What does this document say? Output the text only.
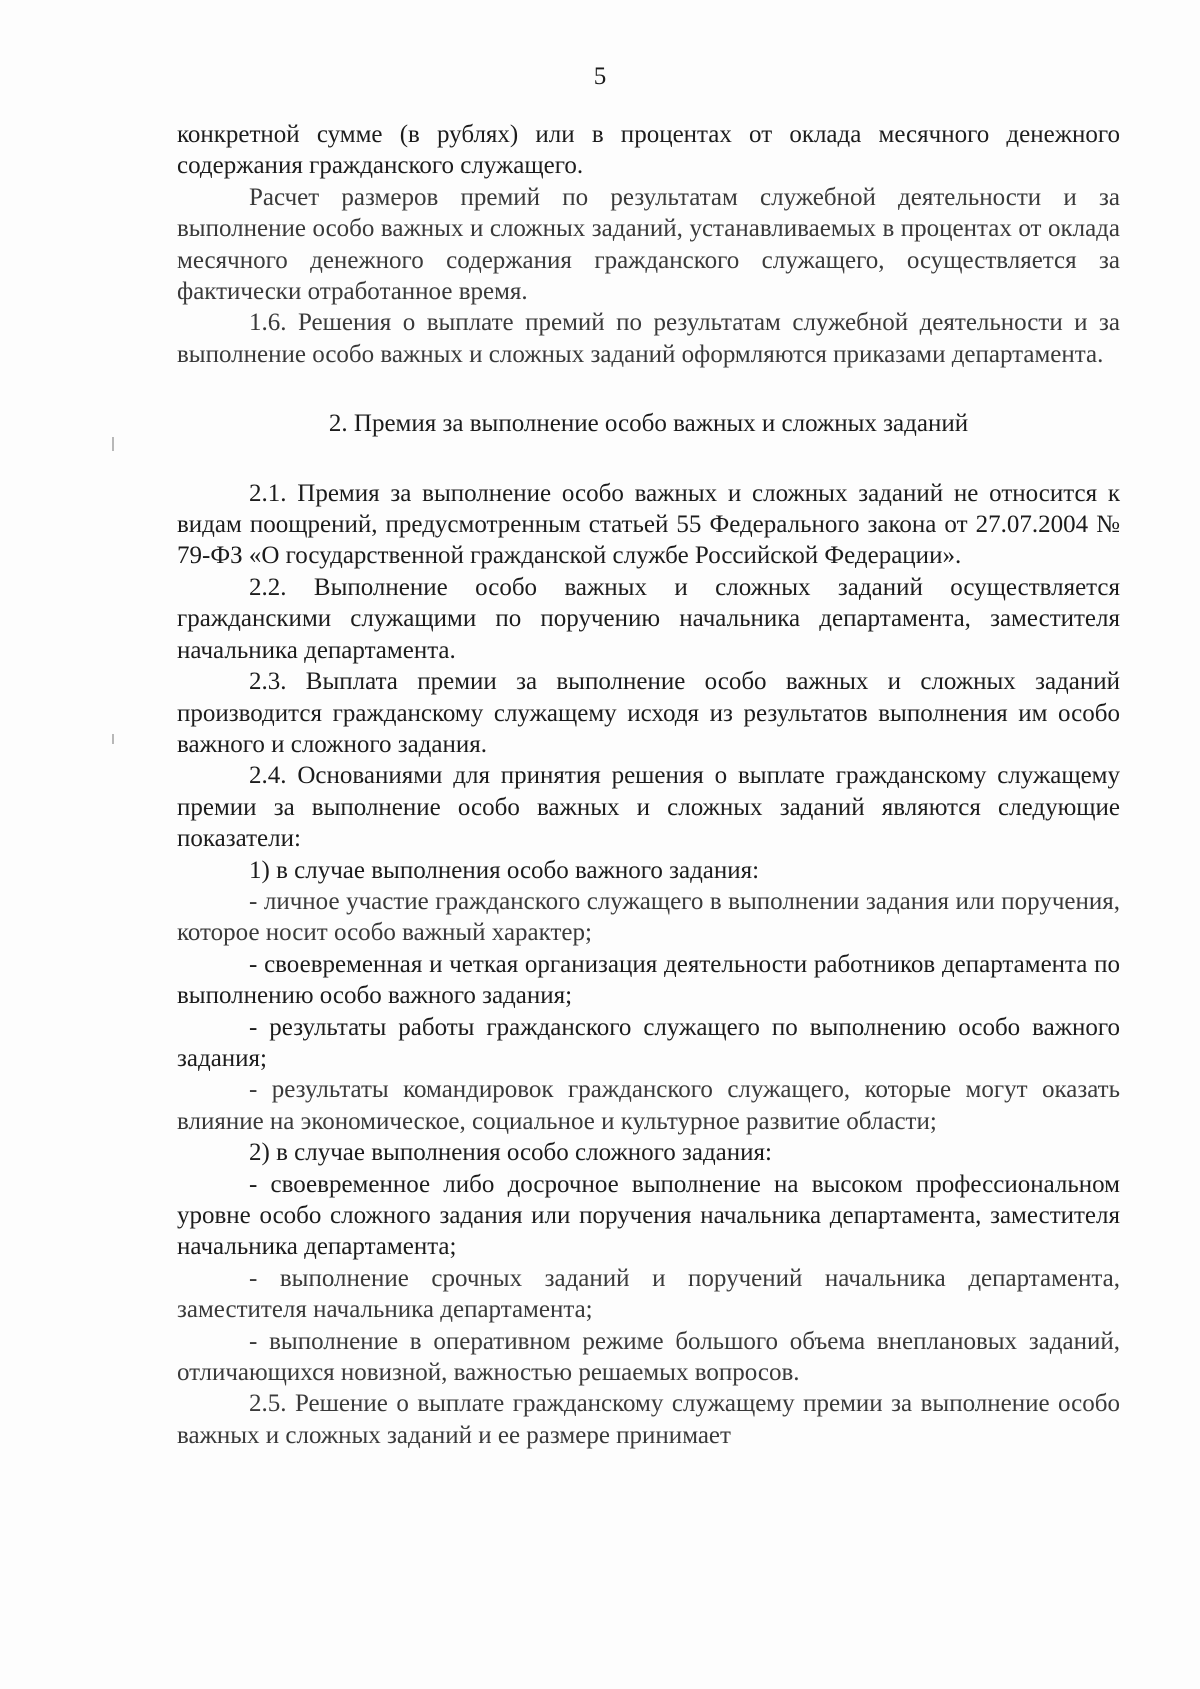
5

конкретной сумме (в рублях) или в процентах от оклада месячного денежного содержания гражданского служащего.

Расчет размеров премий по результатам служебной деятельности и за выполнение особо важных и сложных заданий, устанавливаемых в процентах от оклада месячного денежного содержания гражданского служащего, осуществляется за фактически отработанное время.

1.6. Решения о выплате премий по результатам служебной деятельности и за выполнение особо важных и сложных заданий оформляются приказами департамента.

2. Премия за выполнение особо важных и сложных заданий

2.1. Премия за выполнение особо важных и сложных заданий не относится к видам поощрений, предусмотренным статьей 55 Федерального закона от 27.07.2004 № 79-ФЗ «О государственной гражданской службе Российской Федерации».

2.2. Выполнение особо важных и сложных заданий осуществляется гражданскими служащими по поручению начальника департамента, заместителя начальника департамента.

2.3. Выплата премии за выполнение особо важных и сложных заданий производится гражданскому служащему исходя из результатов выполнения им особо важного и сложного задания.

2.4. Основаниями для принятия решения о выплате гражданскому служащему премии за выполнение особо важных и сложных заданий являются следующие показатели:

1) в случае выполнения особо важного задания:

- личное участие гражданского служащего в выполнении задания или поручения, которое носит особо важный характер;

- своевременная и четкая организация деятельности работников департамента по выполнению особо важного задания;

- результаты работы гражданского служащего по выполнению особо важного задания;

- результаты командировок гражданского служащего, которые могут оказать влияние на экономическое, социальное и культурное развитие области;

2) в случае выполнения особо сложного задания:

- своевременное либо досрочное выполнение на высоком профессиональном уровне особо сложного задания или поручения начальника департамента, заместителя начальника департамента;

- выполнение срочных заданий и поручений начальника департамента, заместителя начальника департамента;

- выполнение в оперативном режиме большого объема внеплановых заданий, отличающихся новизной, важностью решаемых вопросов.

2.5. Решение о выплате гражданскому служащему премии за выполнение особо важных и сложных заданий и ее размере принимает
